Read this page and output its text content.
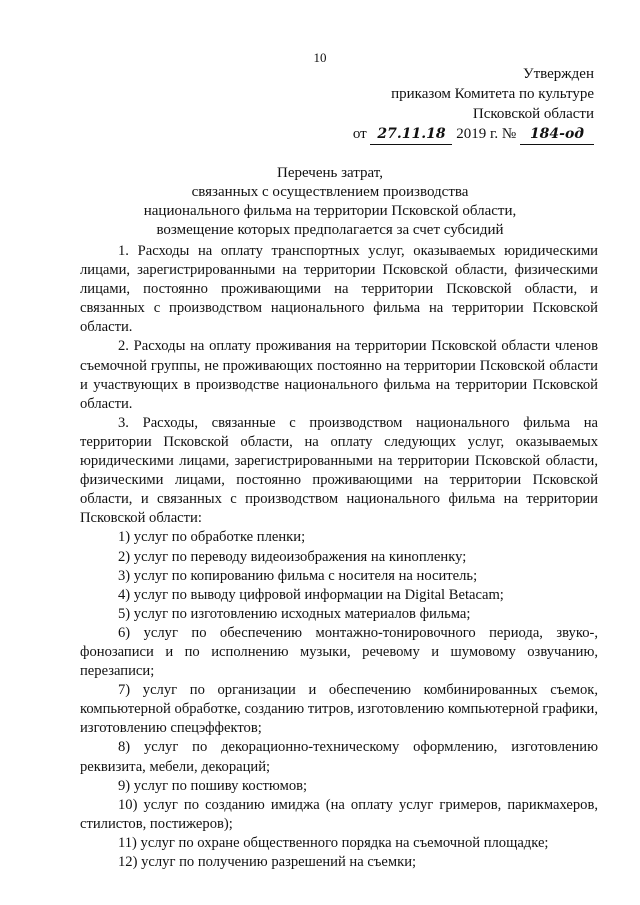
10
Утвержден
приказом Комитета по культуре
Псковской области
от 27.11.18 2019 г. № 184-од
Перечень затрат,
связанных с осуществлением производства
национального фильма на территории Псковской области,
возмещение которых предполагается за счет субсидий

1. Расходы на оплату транспортных услуг, оказываемых юридическими лицами, зарегистрированными на территории Псковской области, физическими лицами, постоянно проживающими на территории Псковской области, и связанных с производством национального фильма на территории Псковской области.

2. Расходы на оплату проживания на территории Псковской области членов съемочной группы, не проживающих постоянно на территории Псковской области и участвующих в производстве национального фильма на территории Псковской области.

3. Расходы, связанные с производством национального фильма на территории Псковской области, на оплату следующих услуг, оказываемых юридическими лицами, зарегистрированными на территории Псковской области, физическими лицами, постоянно проживающими на территории Псковской области, и связанных с производством национального фильма на территории Псковской области:

1) услуг по обработке пленки;

2) услуг по переводу видеоизображения на кинопленку;

3) услуг по копированию фильма с носителя на носитель;

4) услуг по выводу цифровой информации на Digital Betacam;

5) услуг по изготовлению исходных материалов фильма;

6) услуг по обеспечению монтажно-тонировочного периода, звуко-, фонозаписи и по исполнению музыки, речевому и шумовому озвучанию, перезаписи;

7) услуг по организации и обеспечению комбинированных съемок, компьютерной обработке, созданию титров, изготовлению компьютерной графики, изготовлению спецэффектов;

8) услуг по декорационно-техническому оформлению, изготовлению реквизита, мебели, декораций;

9) услуг по пошиву костюмов;

10) услуг по созданию имиджа (на оплату услуг гримеров, парикмахеров, стилистов, постижеров);

11) услуг по охране общественного порядка на съемочной площадке;

12) услуг по получению разрешений на съемки;
